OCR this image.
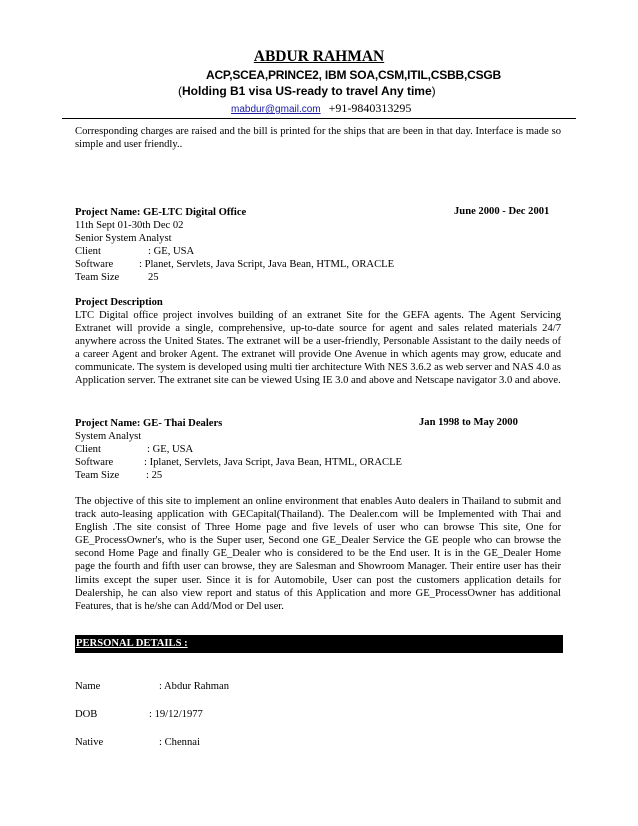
ABDUR RAHMAN
ACP,SCEA,PRINCE2, IBM SOA,CSM,ITIL,CSBB,CSGB
(Holding B1 visa US-ready to travel Any time)
mabdur@gmail.com +91-9840313295
Corresponding charges are raised and the bill is printed for the ships that are been in that day. Interface is made so simple and user friendly..
Project Name: GE-LTC Digital Office	June 2000 - Dec 2001
11th Sept 01-30th Dec 02
Senior System Analyst
Client	: GE, USA
Software : Planet, Servlets, Java Script, Java Bean, HTML, ORACLE
Team Size	25
Project Description
LTC Digital office project involves building of an extranet Site for the GEFA agents. The Agent Servicing Extranet will provide a single, comprehensive, up-to-date source for agent and sales related materials 24/7 anywhere across the United States. The extranet will be a user-friendly, Personable Assistant to the daily needs of a career Agent and broker Agent. The extranet will provide One Avenue in which agents may grow, educate and communicate. The system is developed using multi tier architecture With NES 3.6.2 as web server and NAS 4.0 as Application server. The extranet site can be viewed Using IE 3.0 and above and Netscape navigator 3.0 and above.
Project Name: GE- Thai Dealers	Jan 1998 to May 2000
System Analyst
Client	: GE, USA
Software	: Iplanet, Servlets, Java Script, Java Bean, HTML, ORACLE
Team Size	: 25
The objective of this site to implement an online environment that enables Auto dealers in Thailand to submit and track auto-leasing application with GECapital(Thailand). The Dealer.com will be Implemented with Thai and English .The site consist of Three Home page and five levels of user who can browse This site, One for GE_ProcessOwner's, who is the Super user, Second one GE_Dealer Service the GE people who can browse the second Home Page and finally GE_Dealer who is considered to be the End user. It is in the GE_Dealer Home page the fourth and fifth user can browse, they are Salesman and Showroom Manager. Their entire user has their limits except the super user. Since it is for Automobile, User can post the customers application details for Dealership, he can also view report and status of this Application and more GE_ProcessOwner has additional Features, that is he/she can Add/Mod or Del user.
PERSONAL DETAILS :
Name	: Abdur Rahman
DOB	: 19/12/1977
Native	: Chennai
